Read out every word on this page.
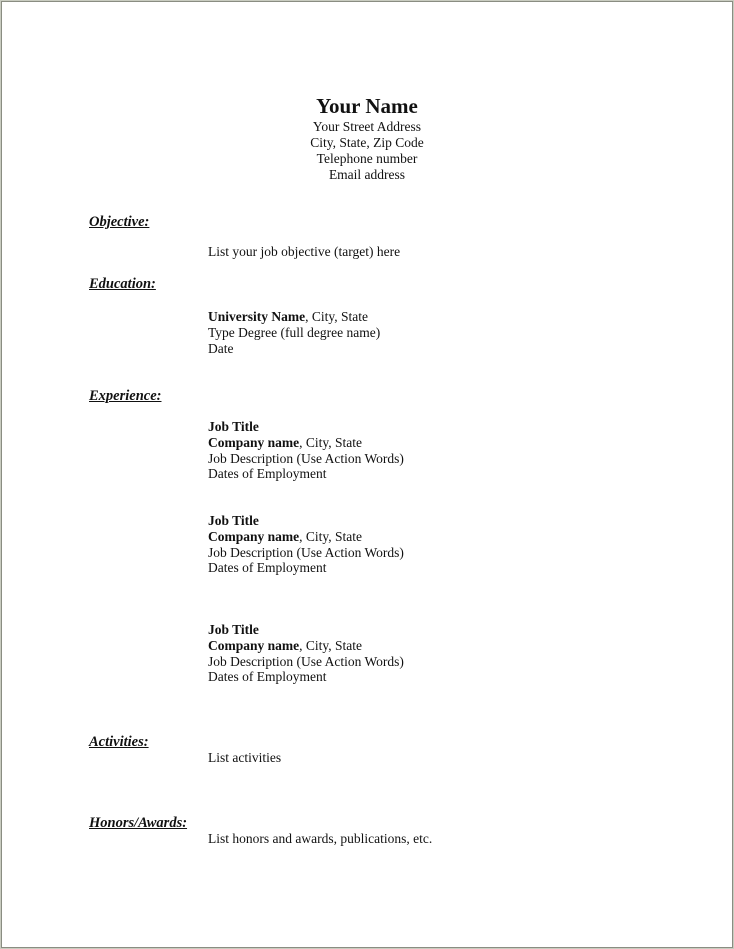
Your Name
Your Street Address
City, State, Zip Code
Telephone number
Email address
Objective:
List your job objective (target) here
Education:
University Name, City, State
Type Degree (full degree name)
Date
Experience:
Job Title
Company name, City, State
Job Description (Use Action Words)
Dates of Employment
Job Title
Company name, City, State
Job Description (Use Action Words)
Dates of Employment
Job Title
Company name, City, State
Job Description (Use Action Words)
Dates of Employment
Activities:
List activities
Honors/Awards:
List honors and awards, publications, etc.
